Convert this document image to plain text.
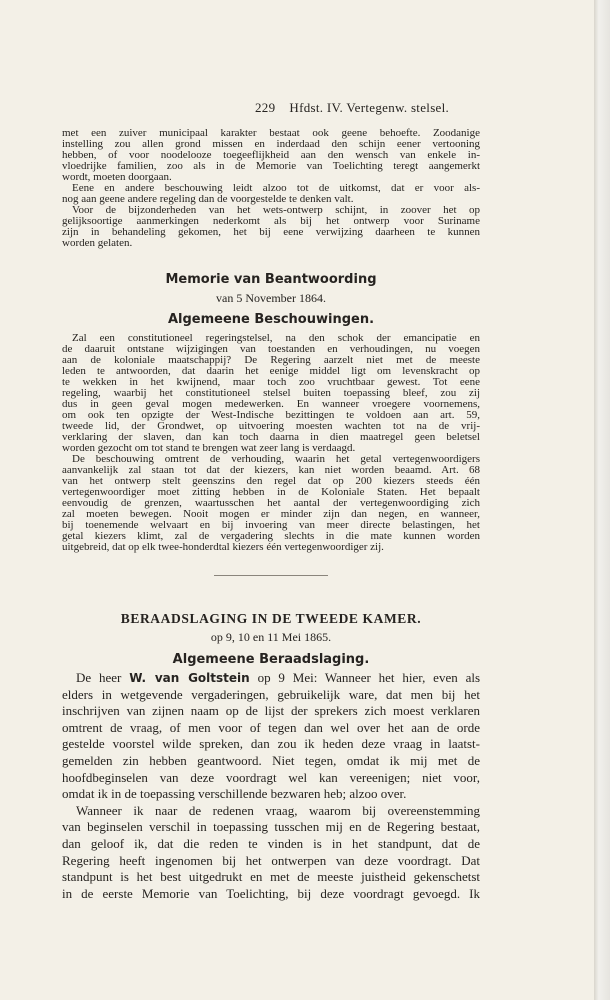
229 Hfdst. IV. Vertegenw. stelsel.
met een zuiver municipaal karakter bestaat ook geene behoefte. Zoodanige
instelling zou allen grond missen en inderdaad den schijn eener vertooning
hebben, of voor noodelooze toegeeflijkheid aan den wensch van enkele in-
vloedrijke familien, zoo als in de Memorie van Toelichting teregt aangemerkt
wordt, moeten doorgaan.
Eene en andere beschouwing leidt alzoo tot de uitkomst, dat er voor als-
nog aan geene andere regeling dan de voorgestelde te denken valt.
Voor de bijzonderheden van het wets-ontwerp schijnt, in zoover het op
gelijksoortige aanmerkingen nederkomt als bij het ontwerp voor Suriname
zijn in behandeling gekomen, het bij eene verwijzing daarheen te kunnen
worden gelaten.
Memorie van Beantwoording
van 5 November 1864.
Algemeene Beschouwingen.
Zal een constitutioneel regeringstelsel, na den schok der emancipatie en
de daaruit ontstane wijzigingen van toestanden en verhoudingen, nu voegen
aan de koloniale maatschappij? De Regering aarzelt niet met de meeste
leden te antwoorden, dat daarin het eenige middel ligt om levenskracht op
te wekken in het kwijnend, maar toch zoo vruchtbaar gewest. Tot eene
regeling, waarbij het constitutioneel stelsel buiten toepassing bleef, zou zij
dus in geen geval mogen medewerken. En wanneer vroegere voornemens,
om ook ten opzigte der West-Indische bezittingen te voldoen aan art. 59,
tweede lid, der Grondwet, op uitvoering moesten wachten tot na de vrij-
verklaring der slaven, dan kan toch daarna in dien maatregel geen beletsel
worden gezocht om tot stand te brengen wat zeer lang is verdaagd.
De beschouwing omtrent de verhouding, waarin het getal vertegenwoordigers
aanvankelijk zal staan tot dat der kiezers, kan niet worden beaamd. Art. 68
van het ontwerp stelt geenszins den regel dat op 200 kiezers steeds één
vertegenwoordiger moet zitting hebben in de Koloniale Staten. Het bepaalt
eenvoudig de grenzen, waartusschen het aantal der vertegenwoordiging zich
zal moeten bewegen. Nooit mogen er minder zijn dan negen, en wanneer,
bij toenemende welvaart en bij invoering van meer directe belastingen, het
getal kiezers klimt, zal de vergadering slechts in die mate kunnen worden
uitgebreid, dat op elk twee-honderdtal kiezers één vertegenwoordiger zij.
BERAADSLAGING IN DE TWEEDE KAMER.
op 9, 10 en 11 Mei 1865.
Algemeene Beraadslaging.
De heer W. van Goltstein op 9 Mei: Wanneer het hier, even als
elders in wetgevende vergaderingen, gebruikelijk ware, dat men bij het
inschrijven van zijnen naam op de lijst der sprekers zich moest verklaren
omtrent de vraag, of men voor of tegen dan wel over het aan de orde
gestelde voorstel wilde spreken, dan zou ik heden deze vraag in laatst-
gemelden zin hebben geantwoord. Niet tegen, omdat ik mij met de
hoofdbeginselen van deze voordragt wel kan vereenigen; niet voor,
omdat ik in de toepassing verschillende bezwaren heb; alzoo over.
Wanneer ik naar de redenen vraag, waarom bij overeenstemming
van beginselen verschil in toepassing tusschen mij en de Regering bestaat,
dan geloof ik, dat die reden te vinden is in het standpunt, dat de
Regering heeft ingenomen bij het ontwerpen van deze voordragt. Dat
standpunt is het best uitgedrukt en met de meeste juistheid gekenschetst
in de eerste Memorie van Toelichting, bij deze voordragt gevoegd. Ik
